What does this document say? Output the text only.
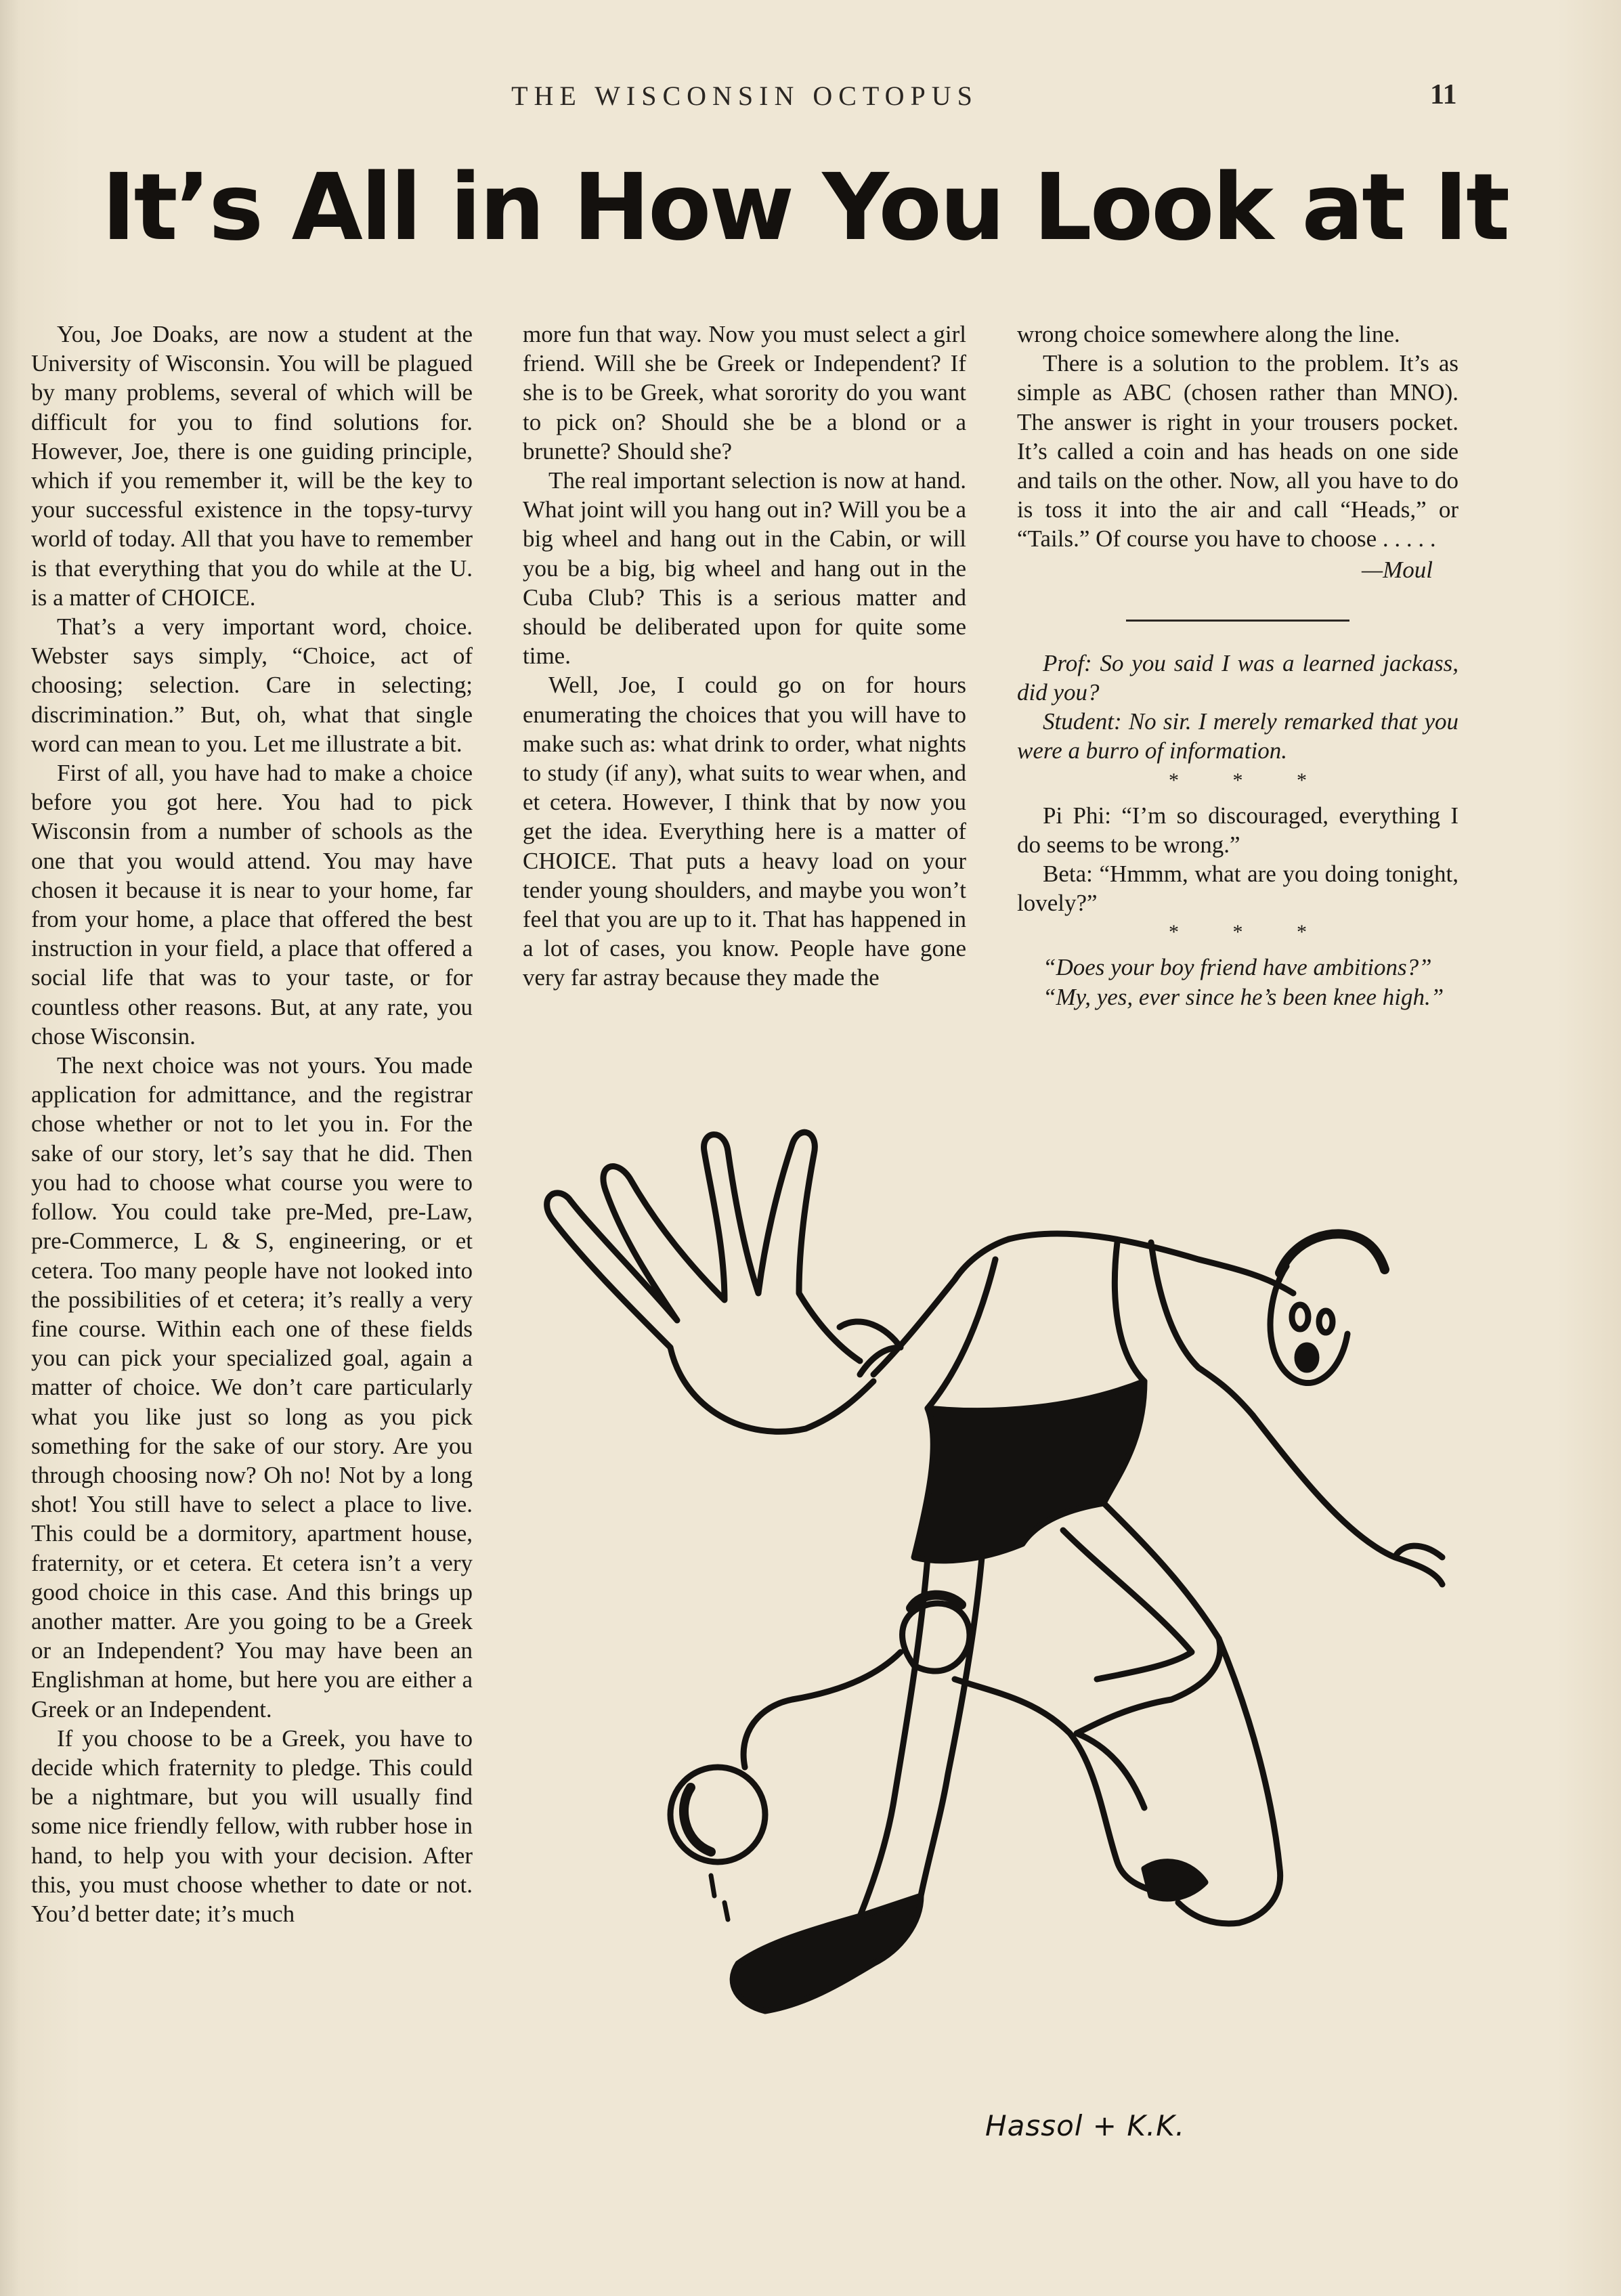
THE WISCONSIN OCTOPUS	11
It’s All in How You Look at It

You, Joe Doaks, are now a student at the University of Wisconsin. You will be plagued by many problems, several of which will be difficult for you to find solutions for. However, Joe, there is one guiding principle, which if you remember it, will be the key to your successful existence in the topsy-turvy world of today. All that you have to remember is that everything that you do while at the U. is a matter of CHOICE.

That’s a very important word, choice. Webster says simply, “Choice, act of choosing; selection. Care in selecting; discrimination.” But, oh, what that single word can mean to you. Let me illustrate a bit.

First of all, you have had to make a choice before you got here. You had to pick Wisconsin from a number of schools as the one that you would attend. You may have chosen it because it is near to your home, far from your home, a place that offered the best instruction in your field, a place that offered a social life that was to your taste, or for countless other reasons. But, at any rate, you chose Wisconsin.

The next choice was not yours. You made application for admittance, and the registrar chose whether or not to let you in. For the sake of our story, let’s say that he did. Then you had to choose what course you were to follow. You could take pre-Med, pre-Law, pre-Commerce, L & S, engineering, or et cetera. Too many people have not looked into the possibilities of et cetera; it’s really a very fine course. Within each one of these fields you can pick your specialized goal, again a matter of choice. We don’t care particularly what you like just so long as you pick something for the sake of our story. Are you through choosing now? Oh no! Not by a long shot! You still have to select a place to live. This could be a dormitory, apartment house, fraternity, or et cetera. Et cetera isn’t a very good choice in this case. And this brings up another matter. Are you going to be a Greek or an Independent? You may have been an Englishman at home, but here you are either a Greek or an Independent.

If you choose to be a Greek, you have to decide which fraternity to pledge. This could be a nightmare, but you will usually find some nice friendly fellow, with rubber hose in hand, to help you with your decision. After this, you must choose whether to date or not. You’d better date; it’s much

more fun that way. Now you must select a girl friend. Will she be Greek or Independent? If she is to be Greek, what sorority do you want to pick on? Should she be a blond or a brunette? Should she?

The real important selection is now at hand. What joint will you hang out in? Will you be a big wheel and hang out in the Cabin, or will you be a big, big wheel and hang out in the Cuba Club? This is a serious matter and should be deliberated upon for quite some time.

Well, Joe, I could go on for hours enumerating the choices that you will have to make such as: what drink to order, what nights to study (if any), what suits to wear when, and et cetera. However, I think that by now you get the idea. Everything here is a matter of CHOICE. That puts a heavy load on your tender young shoulders, and maybe you won’t feel that you are up to it. That has happened in a lot of cases, you know. People have gone very far astray because they made the

wrong choice somewhere along the line.

There is a solution to the problem. It’s as simple as ABC (chosen rather than MNO). The answer is right in your trousers pocket. It’s called a coin and has heads on one side and tails on the other. Now, all you have to do is toss it into the air and call “Heads,” or “Tails.” Of course you have to choose . . . . .

—Moul

Prof: So you said I was a learned jackass, did you?

Student: No sir. I merely remarked that you were a burro of information.

* * *

Pi Phi: “I’m so discouraged, everything I do seems to be wrong.”

Beta: “Hmmm, what are you doing tonight, lovely?”

* * *

“Does your boy friend have ambitions?”

“My, yes, ever since he’s been knee high.”

Hassol + K.K.
